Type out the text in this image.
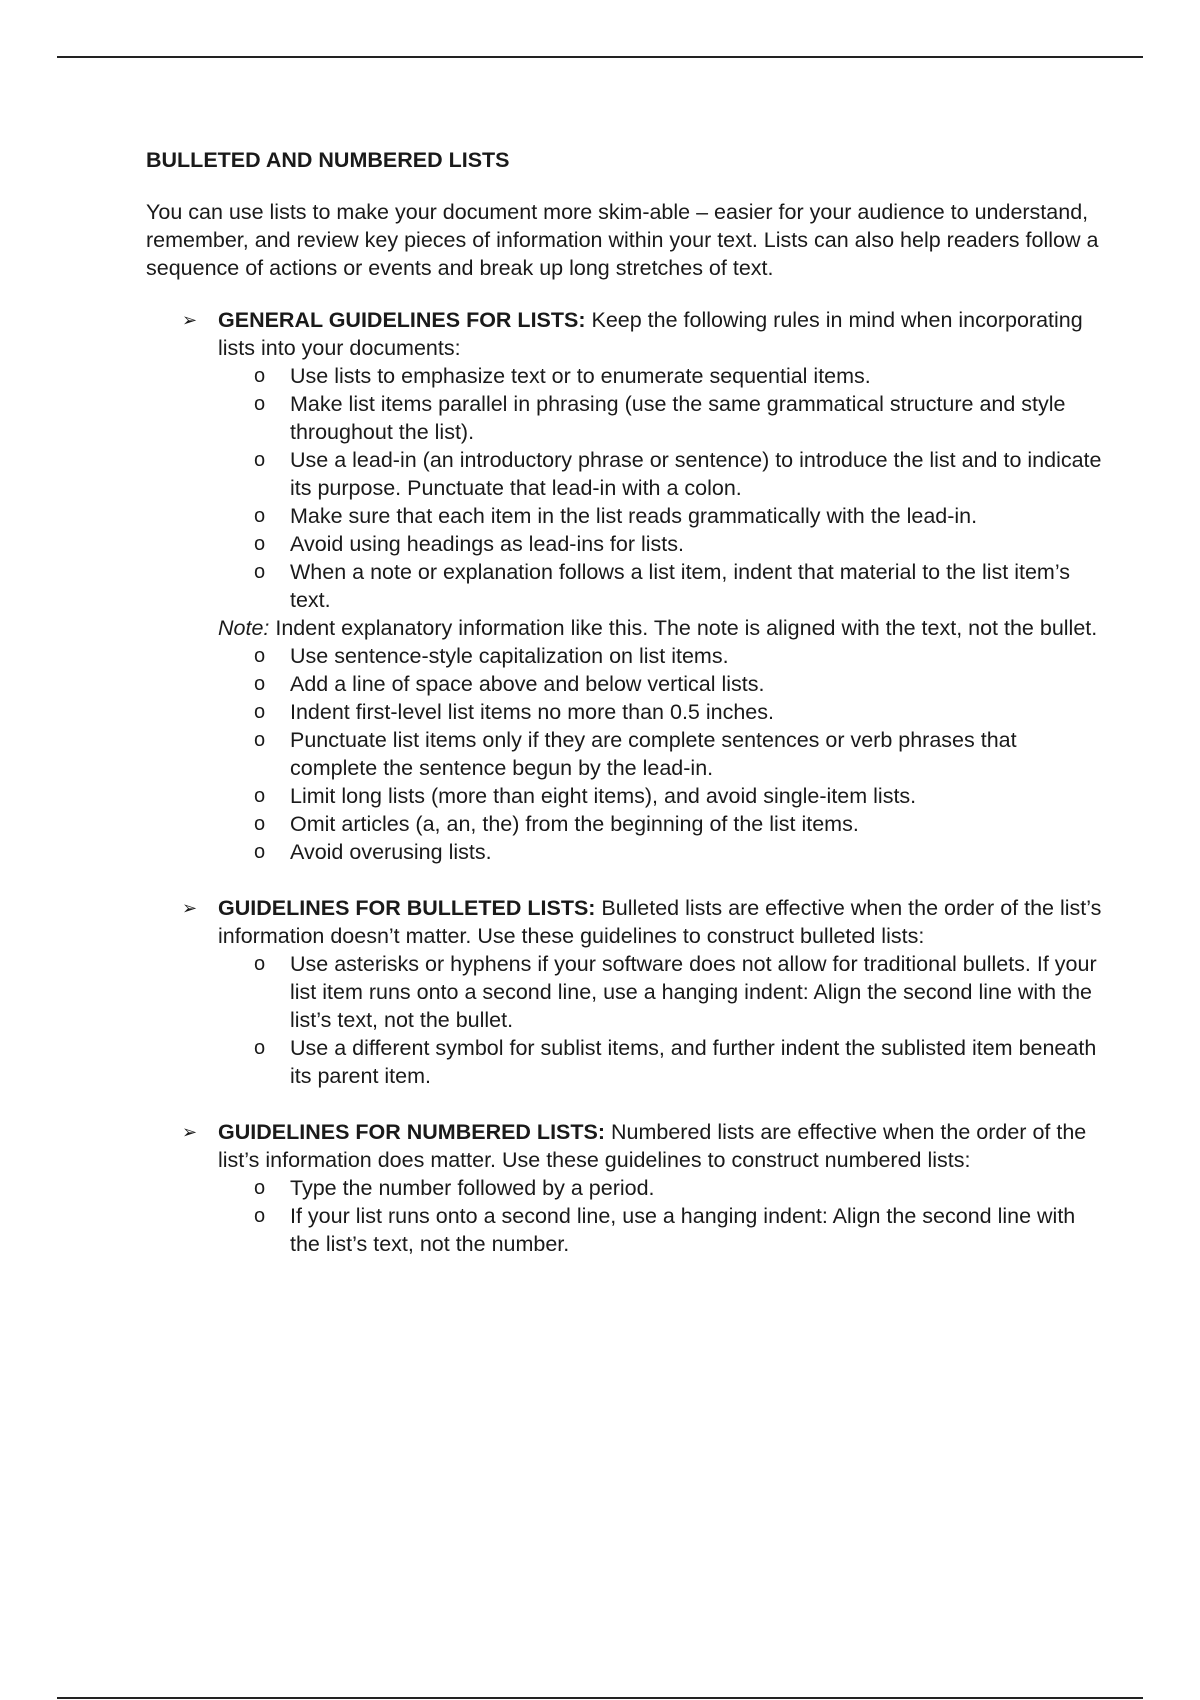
BULLETED AND NUMBERED LISTS
You can use lists to make your document more skim-able – easier for your audience to understand, remember, and review key pieces of information within your text. Lists can also help readers follow a sequence of actions or events and break up long stretches of text.
➢ GENERAL GUIDELINES FOR LISTS: Keep the following rules in mind when incorporating lists into your documents:
o Use lists to emphasize text or to enumerate sequential items.
o Make list items parallel in phrasing (use the same grammatical structure and style throughout the list).
o Use a lead-in (an introductory phrase or sentence) to introduce the list and to indicate its purpose. Punctuate that lead-in with a colon.
o Make sure that each item in the list reads grammatically with the lead-in.
o Avoid using headings as lead-ins for lists.
o When a note or explanation follows a list item, indent that material to the list item’s text.
Note: Indent explanatory information like this. The note is aligned with the text, not the bullet.
o Use sentence-style capitalization on list items.
o Add a line of space above and below vertical lists.
o Indent first-level list items no more than 0.5 inches.
o Punctuate list items only if they are complete sentences or verb phrases that complete the sentence begun by the lead-in.
o Limit long lists (more than eight items), and avoid single-item lists.
o Omit articles (a, an, the) from the beginning of the list items.
o Avoid overusing lists.
➢ GUIDELINES FOR BULLETED LISTS: Bulleted lists are effective when the order of the list’s information doesn’t matter. Use these guidelines to construct bulleted lists:
o Use asterisks or hyphens if your software does not allow for traditional bullets. If your list item runs onto a second line, use a hanging indent: Align the second line with the list’s text, not the bullet.
o Use a different symbol for sublist items, and further indent the sublisted item beneath its parent item.
➢ GUIDELINES FOR NUMBERED LISTS: Numbered lists are effective when the order of the list’s information does matter. Use these guidelines to construct numbered lists:
o Type the number followed by a period.
o If your list runs onto a second line, use a hanging indent: Align the second line with the list’s text, not the number.
